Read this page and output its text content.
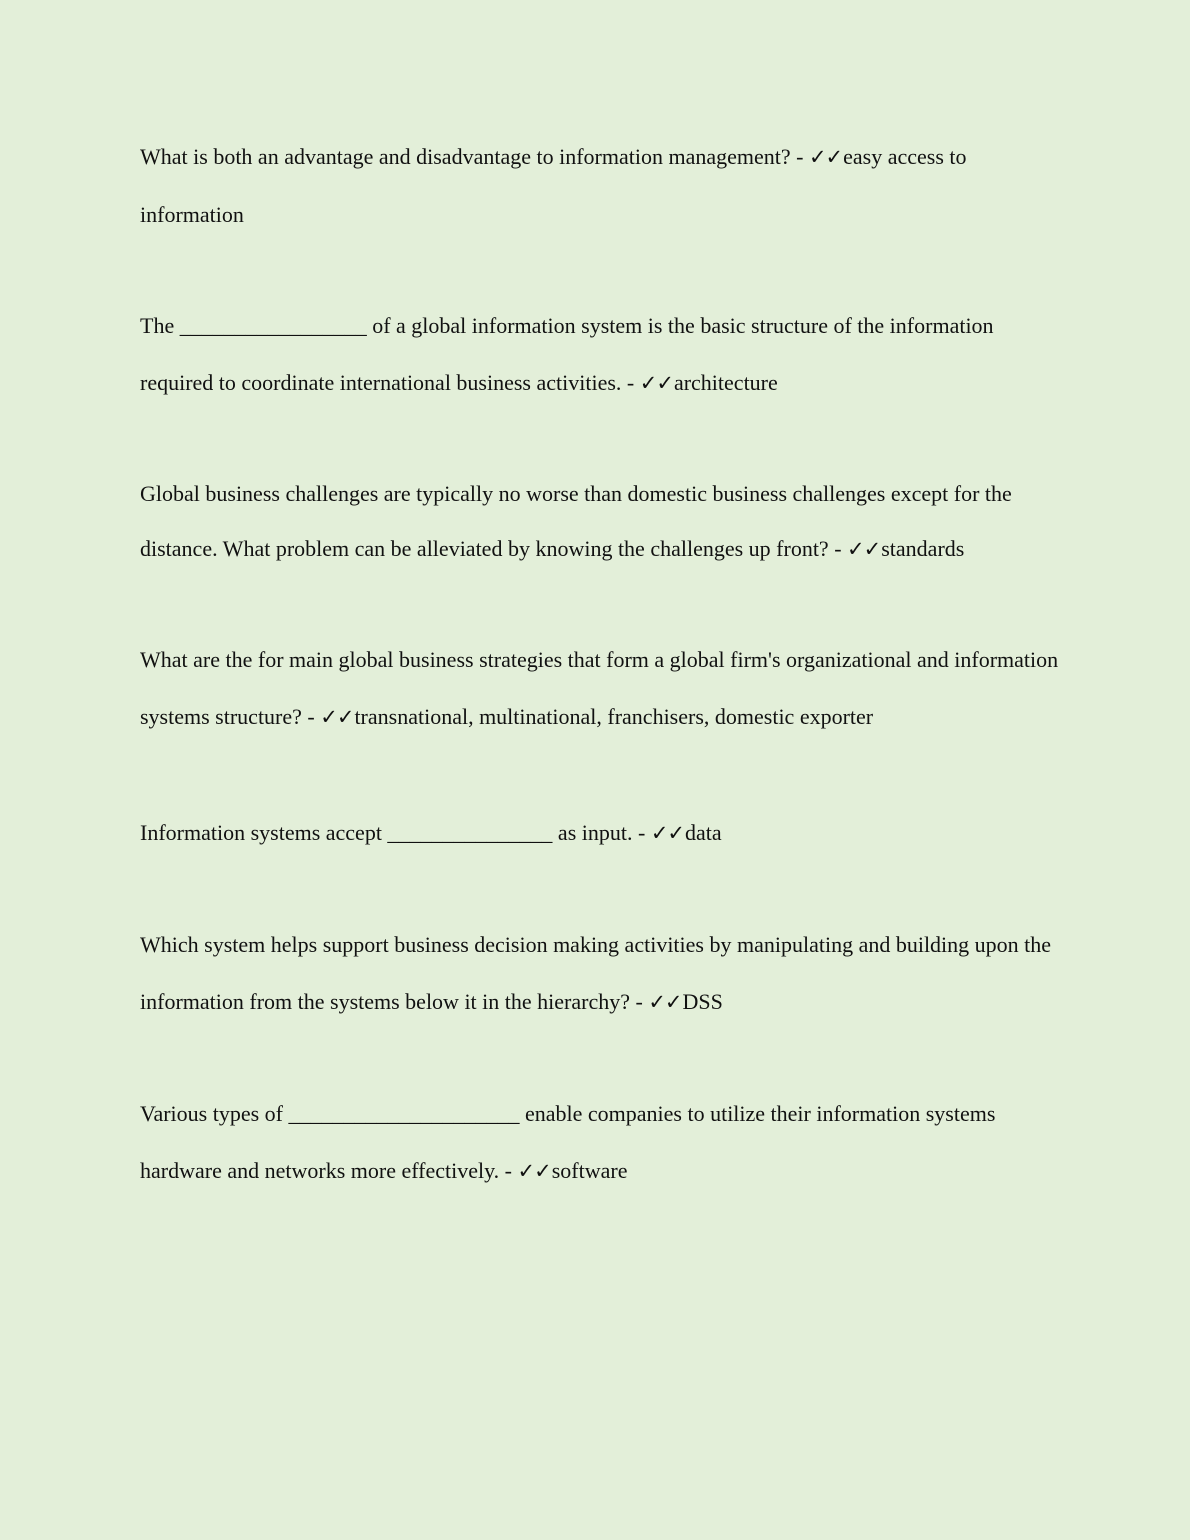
What is both an advantage and disadvantage to information management? - ✓✓easy access to information

The _________________ of a global information system is the basic structure of the information required to coordinate international business activities. - ✓✓architecture

Global business challenges are typically no worse than domestic business challenges except for the distance. What problem can be alleviated by knowing the challenges up front? - ✓✓standards

What are the for main global business strategies that form a global firm's organizational and information systems structure? - ✓✓transnational, multinational, franchisers, domestic exporter

Information systems accept _______________ as input. - ✓✓data

Which system helps support business decision making activities by manipulating and building upon the information from the systems below it in the hierarchy? - ✓✓DSS

Various types of _____________________ enable companies to utilize their information systems hardware and networks more effectively. - ✓✓software
